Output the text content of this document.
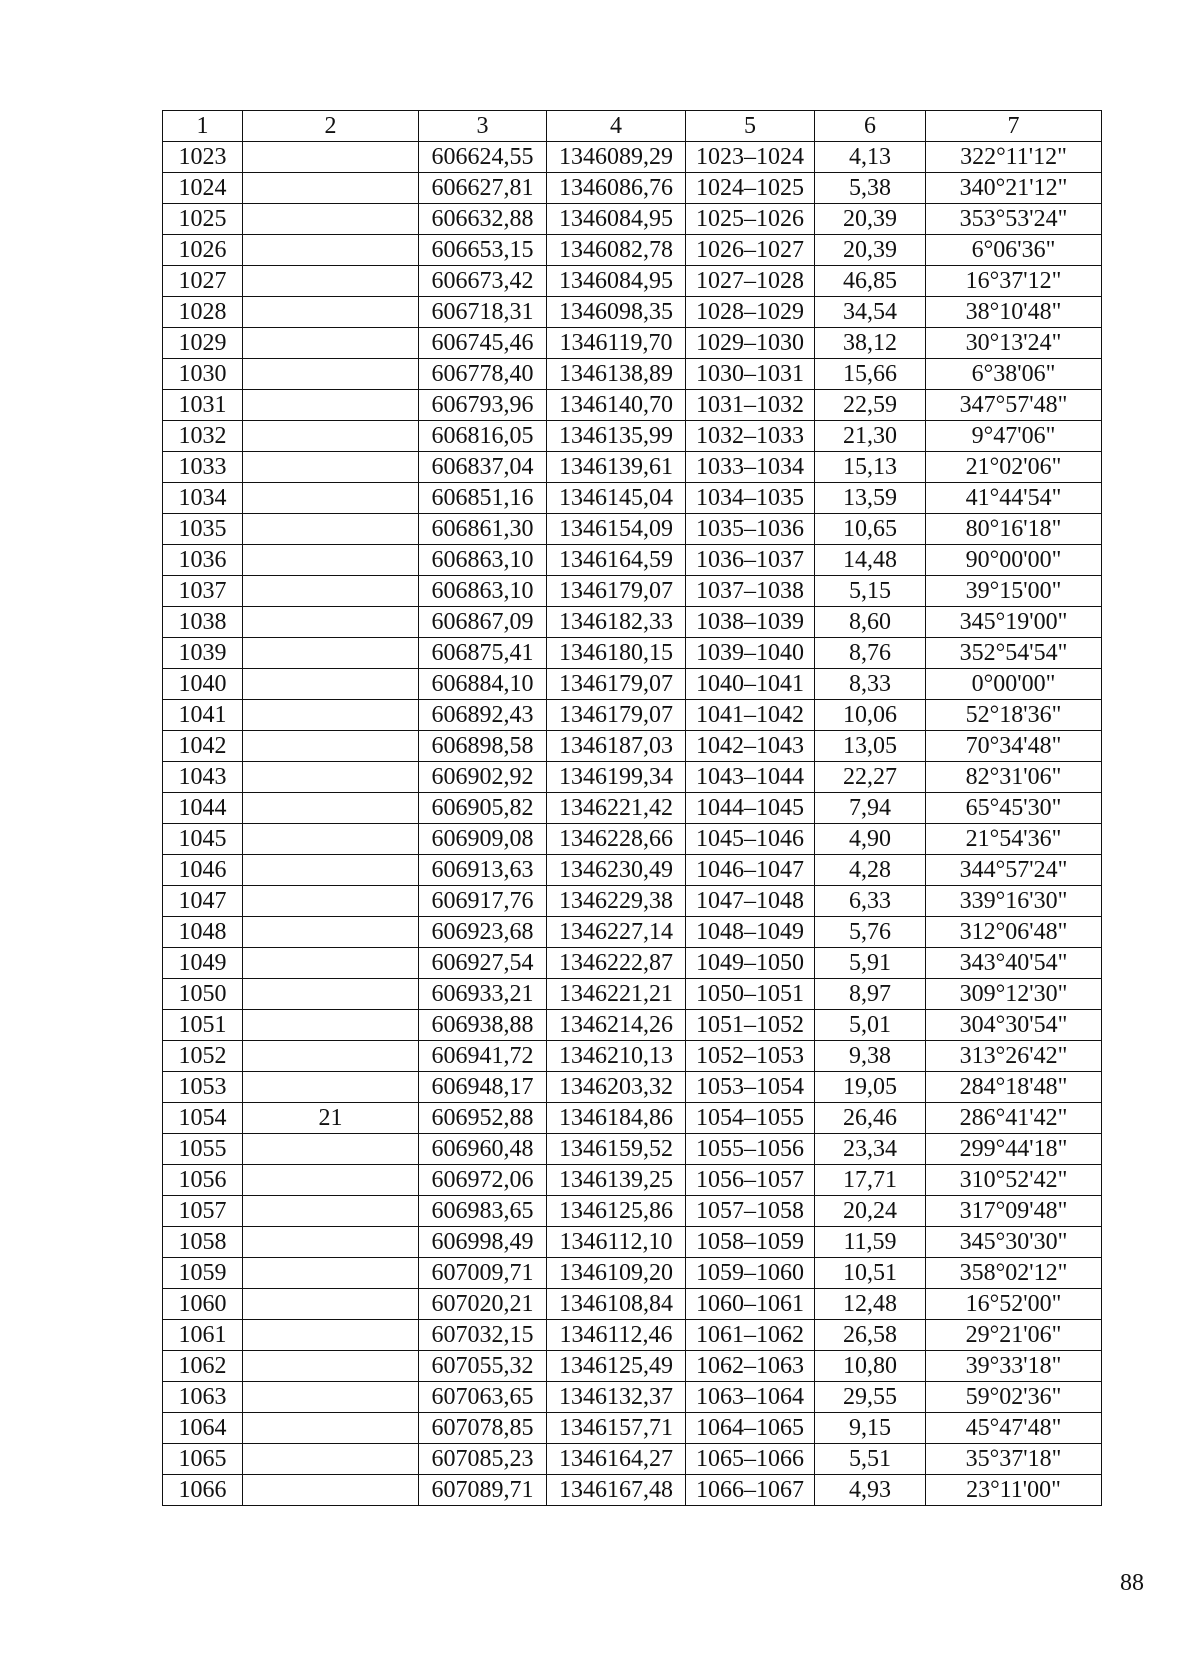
1	2	3	4	5	6	7
1023		606624,55	1346089,29	1023–1024	4,13	322°11'12"
1024		606627,81	1346086,76	1024–1025	5,38	340°21'12"
1025		606632,88	1346084,95	1025–1026	20,39	353°53'24"
1026		606653,15	1346082,78	1026–1027	20,39	6°06'36"
1027		606673,42	1346084,95	1027–1028	46,85	16°37'12"
1028		606718,31	1346098,35	1028–1029	34,54	38°10'48"
1029		606745,46	1346119,70	1029–1030	38,12	30°13'24"
1030		606778,40	1346138,89	1030–1031	15,66	6°38'06"
1031		606793,96	1346140,70	1031–1032	22,59	347°57'48"
1032		606816,05	1346135,99	1032–1033	21,30	9°47'06"
1033		606837,04	1346139,61	1033–1034	15,13	21°02'06"
1034		606851,16	1346145,04	1034–1035	13,59	41°44'54"
1035		606861,30	1346154,09	1035–1036	10,65	80°16'18"
1036		606863,10	1346164,59	1036–1037	14,48	90°00'00"
1037		606863,10	1346179,07	1037–1038	5,15	39°15'00"
1038		606867,09	1346182,33	1038–1039	8,60	345°19'00"
1039		606875,41	1346180,15	1039–1040	8,76	352°54'54"
1040		606884,10	1346179,07	1040–1041	8,33	0°00'00"
1041		606892,43	1346179,07	1041–1042	10,06	52°18'36"
1042		606898,58	1346187,03	1042–1043	13,05	70°34'48"
1043		606902,92	1346199,34	1043–1044	22,27	82°31'06"
1044		606905,82	1346221,42	1044–1045	7,94	65°45'30"
1045		606909,08	1346228,66	1045–1046	4,90	21°54'36"
1046		606913,63	1346230,49	1046–1047	4,28	344°57'24"
1047		606917,76	1346229,38	1047–1048	6,33	339°16'30"
1048		606923,68	1346227,14	1048–1049	5,76	312°06'48"
1049		606927,54	1346222,87	1049–1050	5,91	343°40'54"
1050		606933,21	1346221,21	1050–1051	8,97	309°12'30"
1051		606938,88	1346214,26	1051–1052	5,01	304°30'54"
1052		606941,72	1346210,13	1052–1053	9,38	313°26'42"
1053		606948,17	1346203,32	1053–1054	19,05	284°18'48"
1054	21	606952,88	1346184,86	1054–1055	26,46	286°41'42"
1055		606960,48	1346159,52	1055–1056	23,34	299°44'18"
1056		606972,06	1346139,25	1056–1057	17,71	310°52'42"
1057		606983,65	1346125,86	1057–1058	20,24	317°09'48"
1058		606998,49	1346112,10	1058–1059	11,59	345°30'30"
1059		607009,71	1346109,20	1059–1060	10,51	358°02'12"
1060		607020,21	1346108,84	1060–1061	12,48	16°52'00"
1061		607032,15	1346112,46	1061–1062	26,58	29°21'06"
1062		607055,32	1346125,49	1062–1063	10,80	39°33'18"
1063		607063,65	1346132,37	1063–1064	29,55	59°02'36"
1064		607078,85	1346157,71	1064–1065	9,15	45°47'48"
1065		607085,23	1346164,27	1065–1066	5,51	35°37'18"
1066		607089,71	1346167,48	1066–1067	4,93	23°11'00"
88
